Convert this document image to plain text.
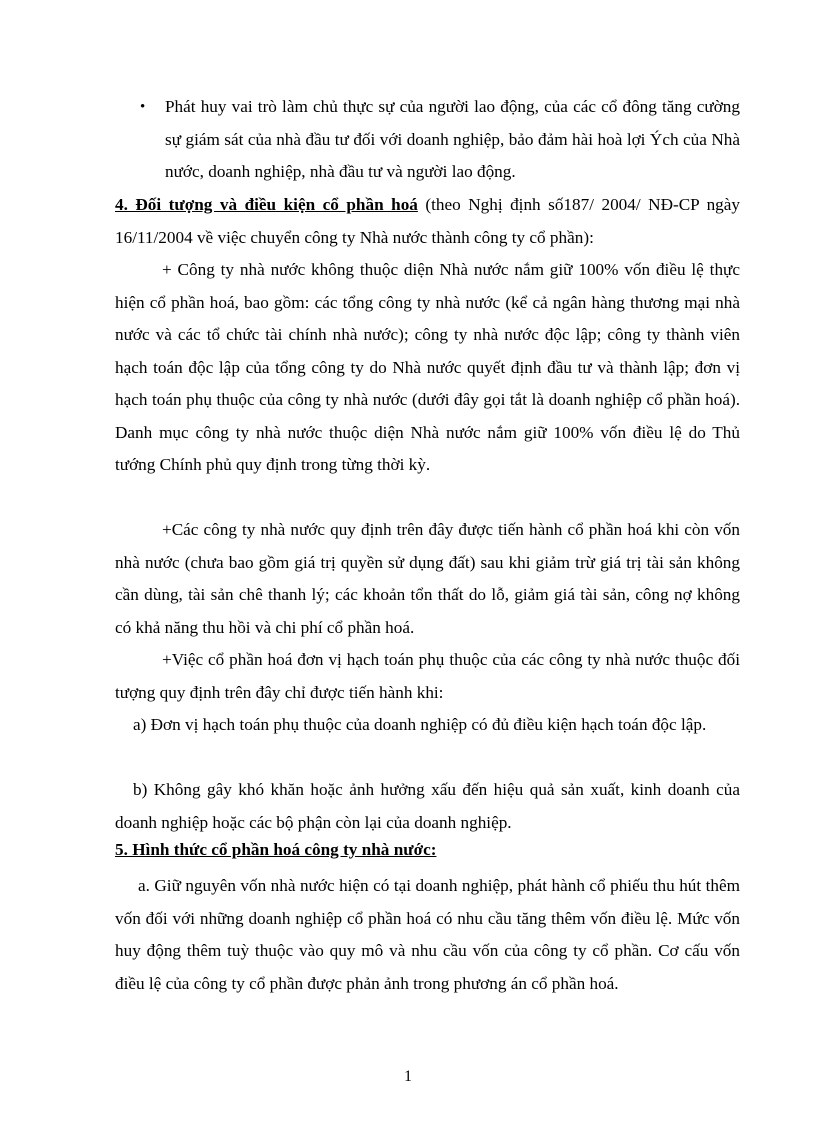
• Phát huy vai trò làm chủ thực sự của người lao động, của các cổ đông tăng cường sự giám sát của nhà đầu tư đối với doanh nghiệp, bảo đảm hài hoà lợi Ých của Nhà nước, doanh nghiệp, nhà đầu tư và người lao động.

4. Đối tượng và điều kiện cổ phần hoá (theo Nghị định số187/ 2004/ NĐ-CP ngày 16/11/2004 về việc chuyển công ty Nhà nước thành công ty cổ phần):

+ Công ty nhà nước không thuộc diện Nhà nước nắm giữ 100% vốn điều lệ thực hiện cổ phần hoá, bao gồm: các tổng công ty nhà nước (kể cả ngân hàng thương mại nhà nước và các tổ chức tài chính nhà nước); công ty nhà nước độc lập; công ty thành viên hạch toán độc lập của tổng công ty do Nhà nước quyết định đầu tư và thành lập; đơn vị hạch toán phụ thuộc của công ty nhà nước (dưới đây gọi tắt là doanh nghiệp cổ phần hoá). Danh mục công ty nhà nước thuộc diện Nhà nước nắm giữ 100% vốn điều lệ do Thủ tướng Chính phủ quy định trong từng thời kỳ.

+Các công ty nhà nước quy định trên đây được tiến hành cổ phần hoá khi còn vốn nhà nước (chưa bao gồm giá trị quyền sử dụng đất) sau khi giảm trừ giá trị tài sản không cần dùng, tài sản chê thanh lý; các khoản tổn thất do lỗ, giảm giá tài sản, công nợ không có khả năng thu hồi và chi phí cổ phần hoá.

+Việc cổ phần hoá đơn vị hạch toán phụ thuộc của các công ty nhà nước thuộc đối tượng quy định trên đây chỉ được tiến hành khi:

a) Đơn vị hạch toán phụ thuộc của doanh nghiệp có đủ điều kiện hạch toán độc lập.

b) Không gây khó khăn hoặc ảnh hưởng xấu đến hiệu quả sản xuất, kinh doanh của doanh nghiệp hoặc các bộ phận còn lại của doanh nghiệp.

5. Hình thức cổ phần hoá công ty nhà nước:

a. Giữ nguyên vốn nhà nước hiện có tại doanh nghiệp, phát hành cổ phiếu thu hút thêm vốn đối với những doanh nghiệp cổ phần hoá có nhu cầu tăng thêm vốn điều lệ. Mức vốn huy động thêm tuỳ thuộc vào quy mô và nhu cầu vốn của công ty cổ phần. Cơ cấu vốn điều lệ của công ty cổ phần được phản ảnh trong phương án cổ phần hoá.

1
